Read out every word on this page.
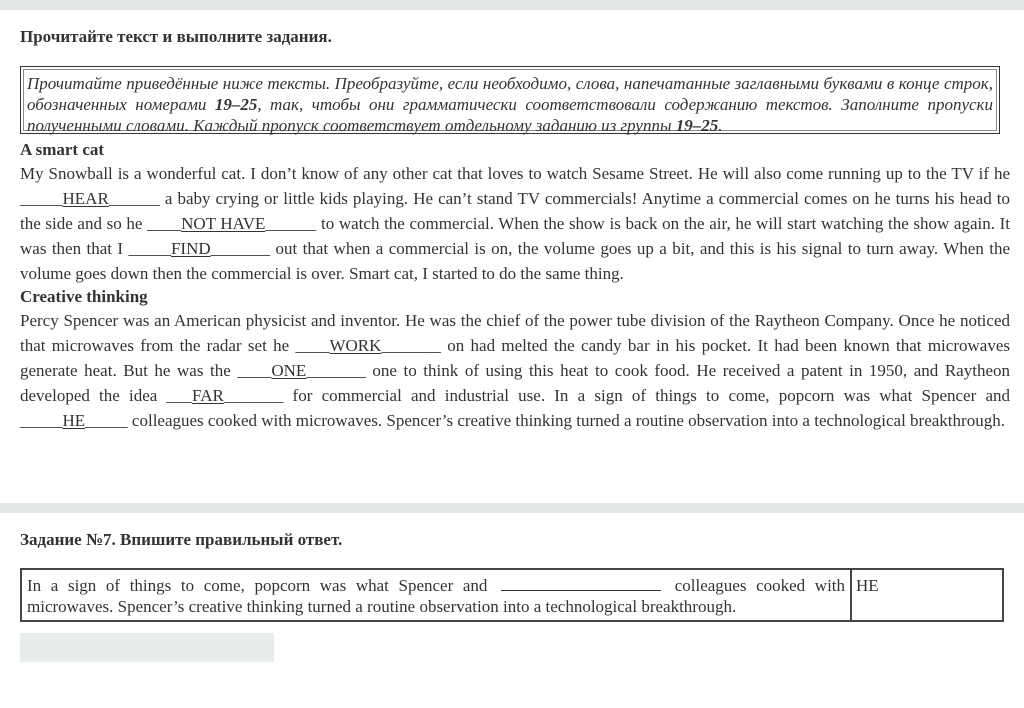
Прочитайте текст и выполните задания.
Прочитайте приведённые ниже тексты. Преобразуйте, если необходимо, слова, напечатанные заглавными буквами в конце строк, обозначенных номерами 19–25, так, чтобы они грамматически соответствовали содержанию текстов. Заполните пропуски полученными словами. Каждый пропуск соответствует отдельному заданию из группы 19–25.
A smart cat

My Snowball is a wonderful cat. I don’t know of any other cat that loves to watch Sesame Street. He will also come running up to the TV if he _____HEAR______ a baby crying or little kids playing. He can’t stand TV commercials! Anytime a commercial comes on he turns his head to the side and so he ____NOT HAVE______ to watch the commercial. When the show is back on the air, he will start watching the show again. It was then that I _____FIND_______ out that when a commercial is on, the volume goes up a bit, and this is his signal to turn away. When the volume goes down then the commercial is over. Smart cat, I started to do the same thing.

Creative thinking

Percy Spencer was an American physicist and inventor. He was the chief of the power tube division of the Raytheon Company. Once he noticed that microwaves from the radar set he ____WORK_______ on had melted the candy bar in his pocket. It had been known that microwaves generate heat. But he was the ____ONE_______ one to think of using this heat to cook food. He received a patent in 1950, and Raytheon developed the idea ___FAR_______ for commercial and industrial use. In a sign of things to come, popcorn was what Spencer and _____HE_____ colleagues cooked with microwaves. Spencer’s creative thinking turned a routine observation into a technological breakthrough.

Задание №7. Впишите правильный ответ.
In a sign of things to come, popcorn was what Spencer and	colleagues cooked with microwaves. Spencer’s creative thinking turned a routine observation into a technological breakthrough.
HE
